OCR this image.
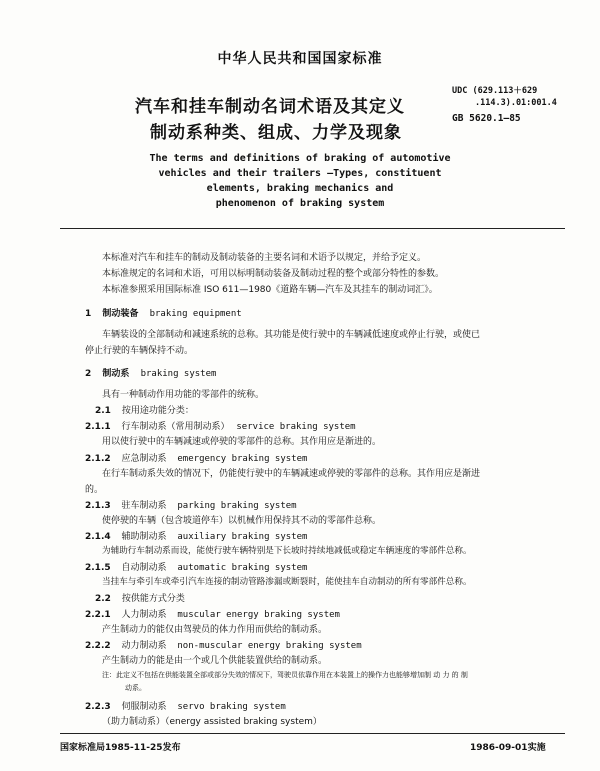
中华人民共和国国家标准
汽车和挂车制动名词术语及其定义
制动系种类、组成、力学及现象
UDC (629.113＋629
.114.3).01:001.4
GB 5620.1—85
The terms and definitions of braking of automotive
vehicles and their trailers —Types, constituent
elements, braking mechanics and
phenomenon of braking system
本标准对汽车和挂车的制动及制动装备的主要名词和术语予以规定，并给予定义。
本标准规定的名词和术语，可用以标明制动装备及制动过程的整个或部分特性的参数。
本标准参照采用国际标准 ISO 611—1980《道路车辆—汽车及其挂车的制动词汇》。
1 制动装备 braking equipment
车辆装设的全部制动和减速系统的总称。其功能是使行驶中的车辆减低速度或停止行驶，或使已
停止行驶的车辆保持不动。
2 制动系 braking system
具有一种制动作用功能的零部件的统称。
2.1 按用途功能分类：
2.1.1 行车制动系（常用制动系） service braking system
用以使行驶中的车辆减速或停驶的零部件的总称。其作用应是渐进的。
2.1.2 应急制动系 emergency braking system
在行车制动系失效的情况下，仍能使行驶中的车辆减速或停驶的零部件的总称。其作用应是渐进
的。
2.1.3 驻车制动系 parking braking system
使停驶的车辆（包含坡道停车）以机械作用保持其不动的零部件总称。
2.1.4 辅助制动系 auxiliary braking system
为辅助行车制动系而设，能使行驶车辆特别是下长坡时持续地减低或稳定车辆速度的零部件总称。
2.1.5 自动制动系 automatic braking system
当挂车与牵引车或牵引汽车连接的制动管路渗漏或断裂时，能使挂车自动制动的所有零部件总称。
2.2 按供能方式分类
2.2.1 人力制动系 muscular energy braking system
产生制动力的能仅由驾驶员的体力作用而供给的制动系。
2.2.2 动力制动系 non-muscular energy braking system
产生制动力的能是由一个或几个供能装置供给的制动系。
注：此定义不包括在供能装置全部或部分失效的情况下，驾驶员依靠作用在本装置上的操作力也能够增加制 动 力 的 制
动系。
2.2.3 伺服制动系 servo braking system
（助力制动系）（energy assisted braking system）
国家标准局1985-11-25发布	1986-09-01实施
